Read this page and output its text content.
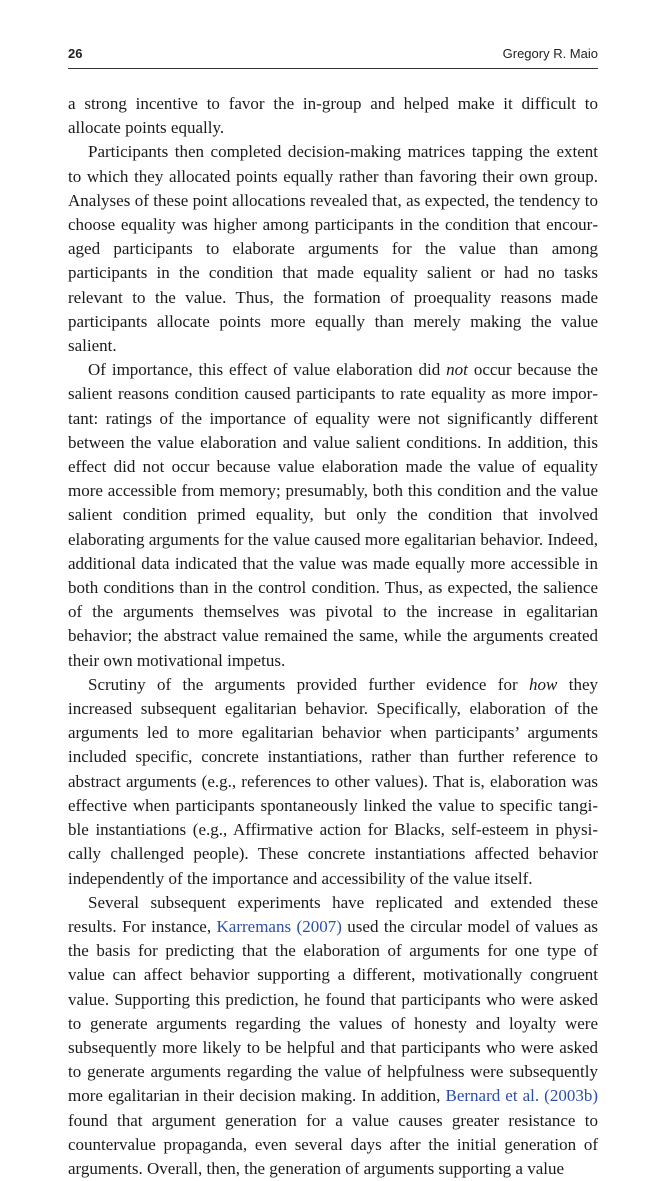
26	Gregory R. Maio

a strong incentive to favor the in-group and helped make it difficult to allocate points equally.

Participants then completed decision-making matrices tapping the extent to which they allocated points equally rather than favoring their own group. Analyses of these point allocations revealed that, as expected, the tendency to choose equality was higher among participants in the condition that encouraged participants to elaborate arguments for the value than among participants in the condition that made equality salient or had no tasks relevant to the value. Thus, the formation of proequality reasons made participants allocate points more equally than merely making the value salient.

Of importance, this effect of value elaboration did not occur because the salient reasons condition caused participants to rate equality as more important: ratings of the importance of equality were not significantly different between the value elaboration and value salient conditions. In addition, this effect did not occur because value elaboration made the value of equality more accessible from memory; presumably, both this condition and the value salient condition primed equality, but only the condition that involved elaborating arguments for the value caused more egalitarian behavior. Indeed, additional data indicated that the value was made equally more accessible in both conditions than in the control condition. Thus, as expected, the salience of the arguments themselves was pivotal to the increase in egalitarian behavior; the abstract value remained the same, while the arguments created their own motivational impetus.

Scrutiny of the arguments provided further evidence for how they increased subsequent egalitarian behavior. Specifically, elaboration of the arguments led to more egalitarian behavior when participants’ arguments included specific, concrete instantiations, rather than further reference to abstract arguments (e.g., references to other values). That is, elaboration was effective when participants spontaneously linked the value to specific tangible instantiations (e.g., Affirmative action for Blacks, self-esteem in physically challenged people). These concrete instantiations affected behavior independently of the importance and accessibility of the value itself.

Several subsequent experiments have replicated and extended these results. For instance, Karremans (2007) used the circular model of values as the basis for predicting that the elaboration of arguments for one type of value can affect behavior supporting a different, motivationally congruent value. Supporting this prediction, he found that participants who were asked to generate arguments regarding the values of honesty and loyalty were subsequently more likely to be helpful and that participants who were asked to generate arguments regarding the value of helpfulness were subsequently more egalitarian in their decision making. In addition, Bernard et al. (2003b) found that argument generation for a value causes greater resistance to countervalue propaganda, even several days after the initial generation of arguments. Overall, then, the generation of arguments supporting a value
